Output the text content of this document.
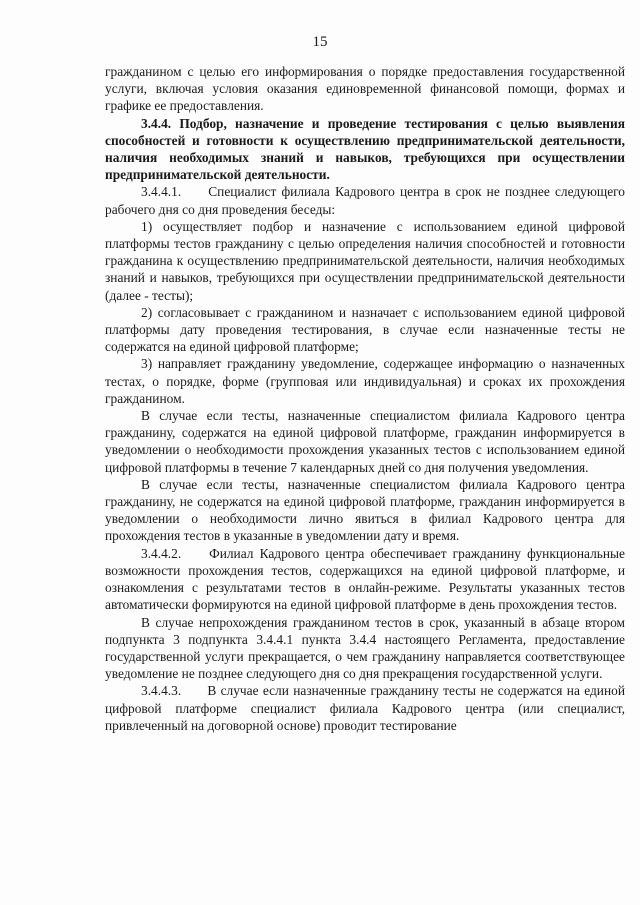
15

гражданином с целью его информирования о порядке предоставления государственной услуги, включая условия оказания единовременной финансовой помощи, формах и графике ее предоставления.

3.4.4. Подбор, назначение и проведение тестирования с целью выявления способностей и готовности к осуществлению предпринимательской деятельности, наличия необходимых знаний и навыков, требующихся при осуществлении предпринимательской деятельности.

3.4.4.1. Специалист филиала Кадрового центра в срок не позднее следующего рабочего дня со дня проведения беседы:

1) осуществляет подбор и назначение с использованием единой цифровой платформы тестов гражданину с целью определения наличия способностей и готовности гражданина к осуществлению предпринимательской деятельности, наличия необходимых знаний и навыков, требующихся при осуществлении предпринимательской деятельности (далее - тесты);

2) согласовывает с гражданином и назначает с использованием единой цифровой платформы дату проведения тестирования, в случае если назначенные тесты не содержатся на единой цифровой платформе;

3) направляет гражданину уведомление, содержащее информацию о назначенных тестах, о порядке, форме (групповая или индивидуальная) и сроках их прохождения гражданином.

В случае если тесты, назначенные специалистом филиала Кадрового центра гражданину, содержатся на единой цифровой платформе, гражданин информируется в уведомлении о необходимости прохождения указанных тестов с использованием единой цифровой платформы в течение 7 календарных дней со дня получения уведомления.

В случае если тесты, назначенные специалистом филиала Кадрового центра гражданину, не содержатся на единой цифровой платформе, гражданин информируется в уведомлении о необходимости лично явиться в филиал Кадрового центра для прохождения тестов в указанные в уведомлении дату и время.

3.4.4.2. Филиал Кадрового центра обеспечивает гражданину функциональные возможности прохождения тестов, содержащихся на единой цифровой платформе, и ознакомления с результатами тестов в онлайн-режиме. Результаты указанных тестов автоматически формируются на единой цифровой платформе в день прохождения тестов.

В случае непрохождения гражданином тестов в срок, указанный в абзаце втором подпункта 3 подпункта 3.4.4.1 пункта 3.4.4 настоящего Регламента, предоставление государственной услуги прекращается, о чем гражданину направляется соответствующее уведомление не позднее следующего дня со дня прекращения государственной услуги.

3.4.4.3. В случае если назначенные гражданину тесты не содержатся на единой цифровой платформе специалист филиала Кадрового центра (или специалист, привлеченный на договорной основе) проводит тестирование
